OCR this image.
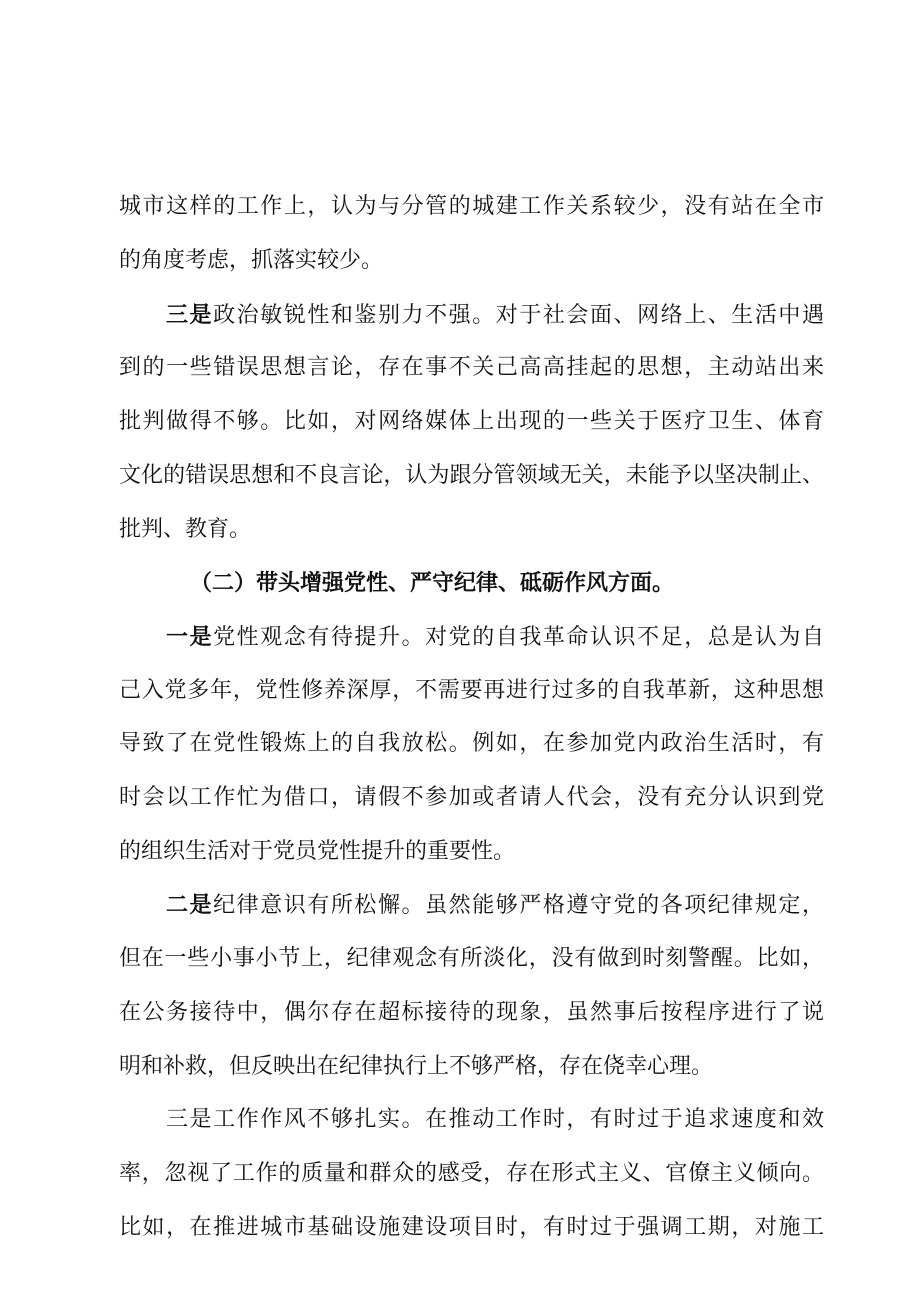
城市这样的工作上，认为与分管的城建工作关系较少，没有站在全市
的角度考虑，抓落实较少。
三是政治敏锐性和鉴别力不强。对于社会面、网络上、生活中遇
到的一些错误思想言论，存在事不关己高高挂起的思想，主动站出来
批判做得不够。比如，对网络媒体上出现的一些关于医疗卫生、体育
文化的错误思想和不良言论，认为跟分管领域无关，未能予以坚决制止、
批判、教育。
（二）带头增强党性、严守纪律、砥砺作风方面。
一是党性观念有待提升。对党的自我革命认识不足，总是认为自
己入党多年，党性修养深厚，不需要再进行过多的自我革新，这种思想
导致了在党性锻炼上的自我放松。例如，在参加党内政治生活时，有
时会以工作忙为借口，请假不参加或者请人代会，没有充分认识到党
的组织生活对于党员党性提升的重要性。
二是纪律意识有所松懈。虽然能够严格遵守党的各项纪律规定，
但在一些小事小节上，纪律观念有所淡化，没有做到时刻警醒。比如，
在公务接待中，偶尔存在超标接待的现象，虽然事后按程序进行了说
明和补救，但反映出在纪律执行上不够严格，存在侥幸心理。
三是工作作风不够扎实。在推动工作时，有时过于追求速度和效
率，忽视了工作的质量和群众的感受，存在形式主义、官僚主义倾向。
比如，在推进城市基础设施建设项目时，有时过于强调工期，对施工
